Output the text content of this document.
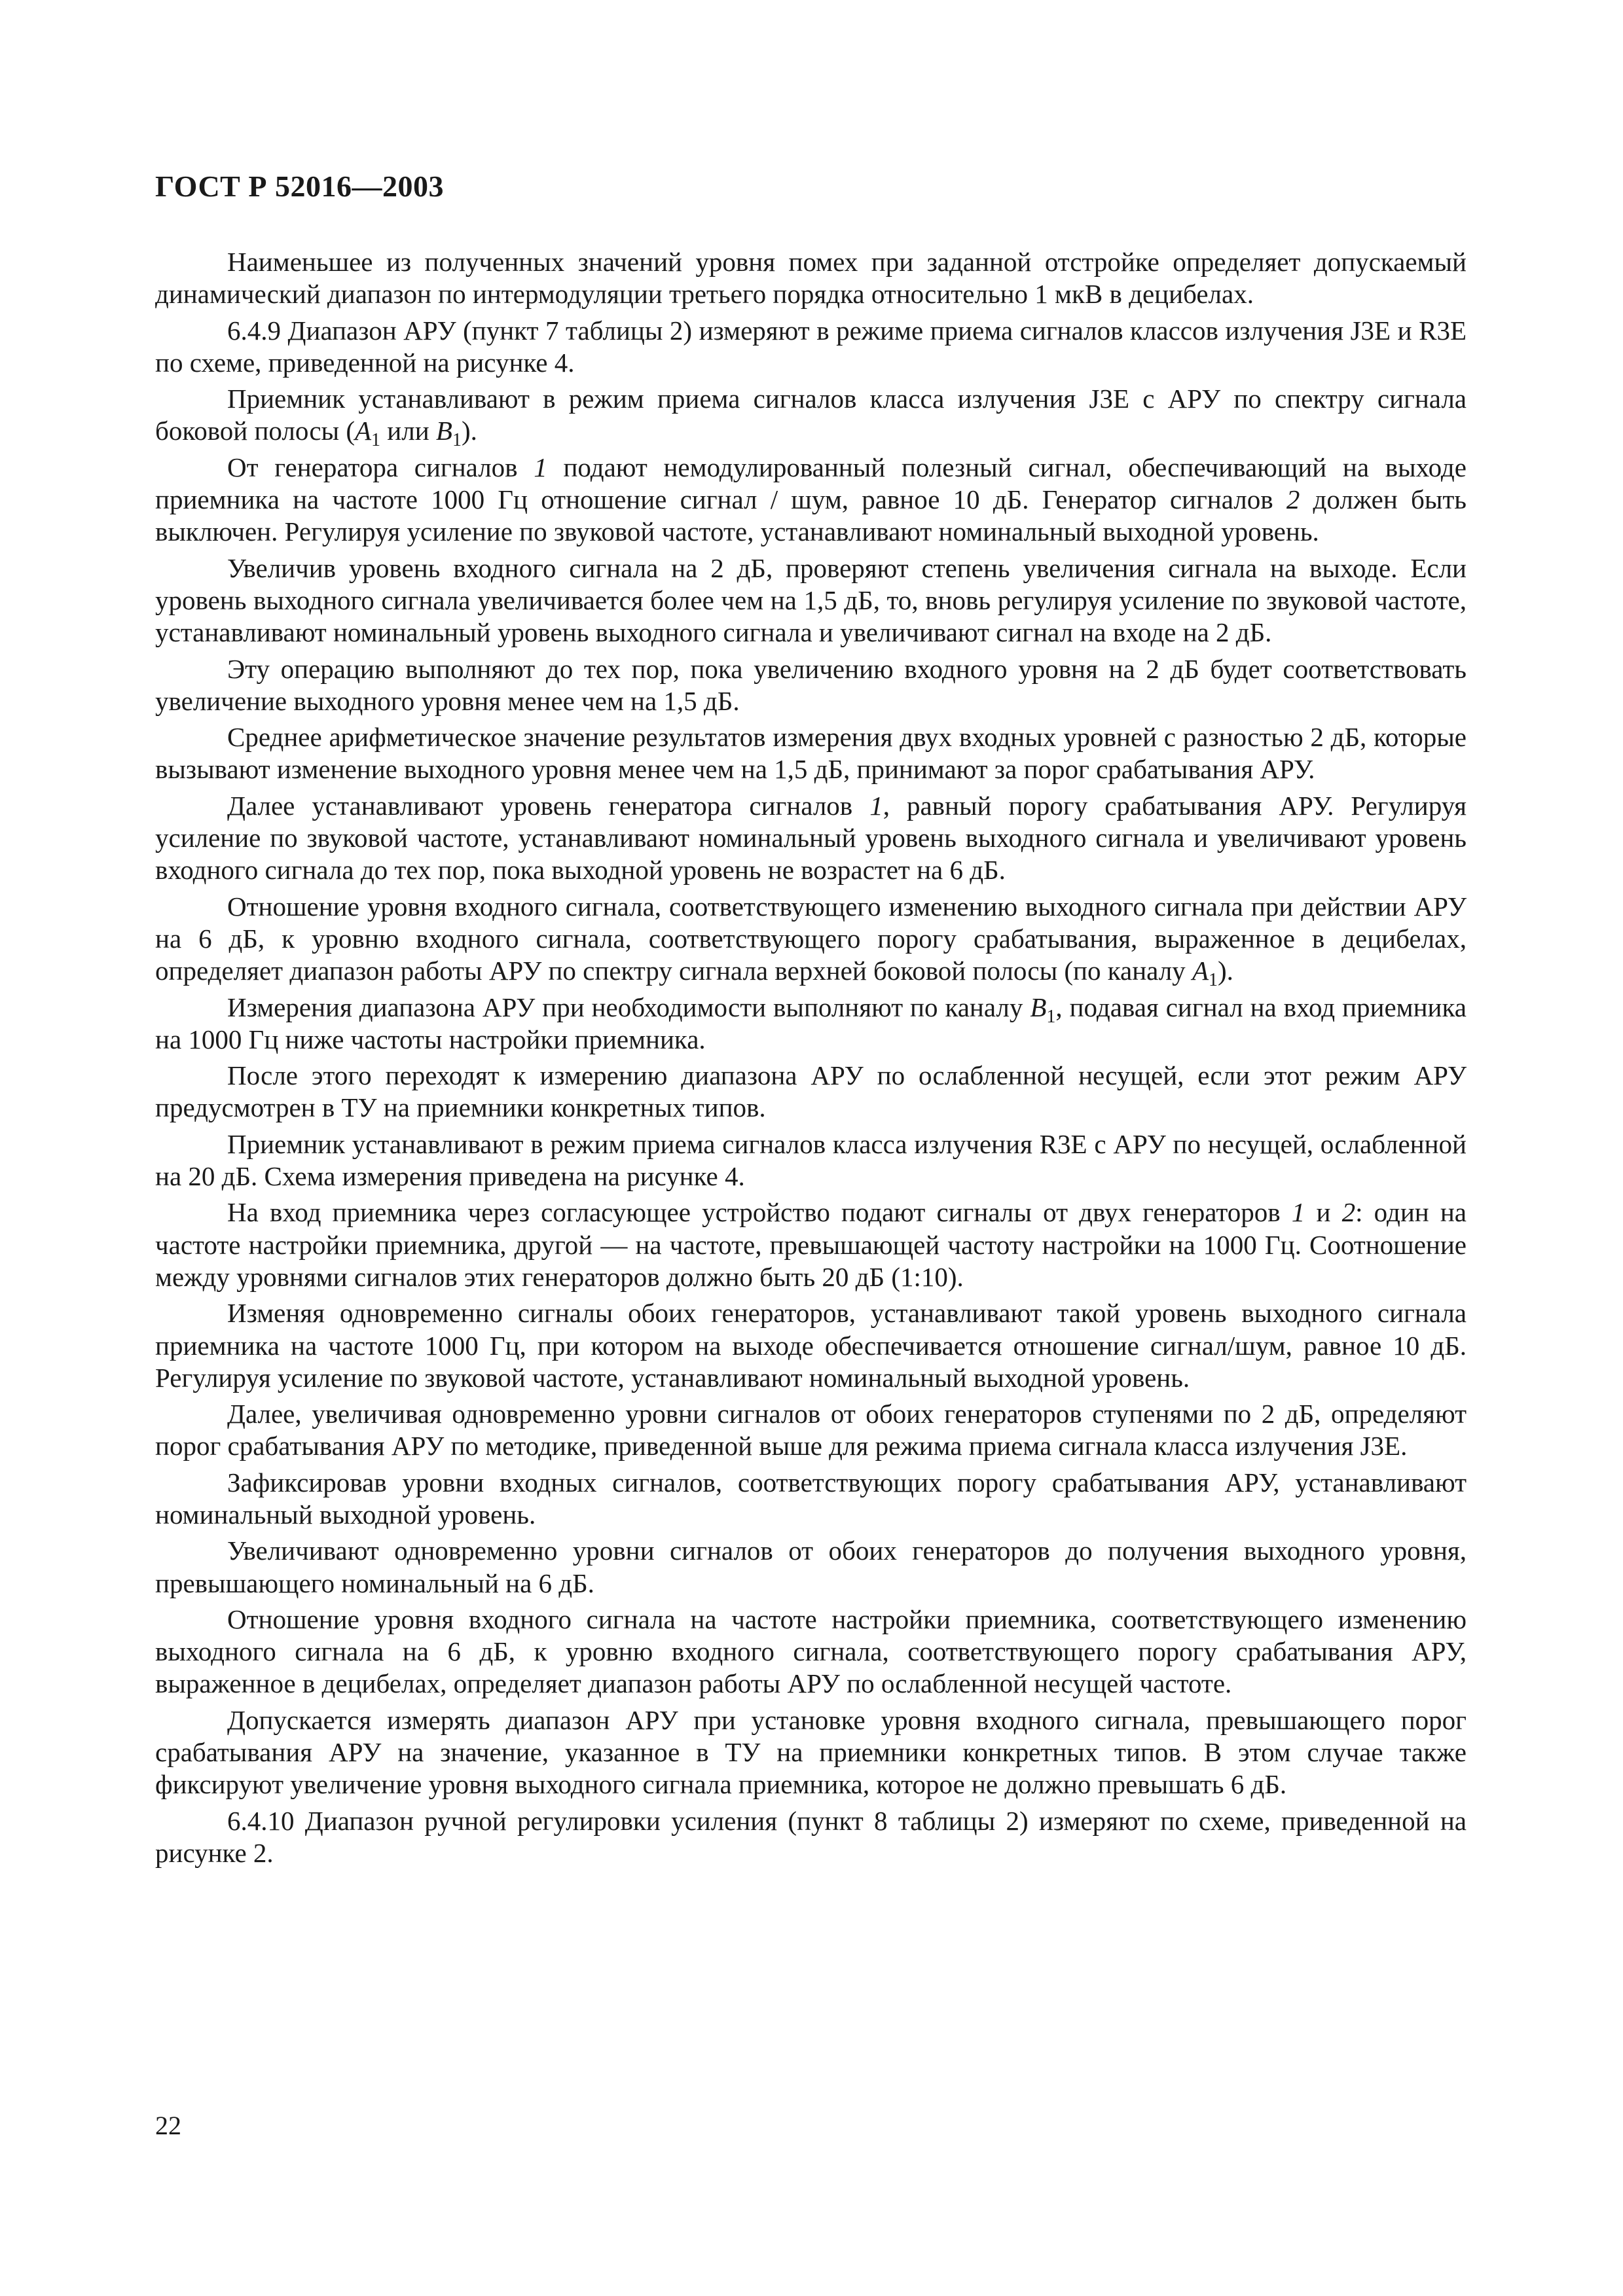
ГОСТ Р 52016—2003

Наименьшее из полученных значений уровня помех при заданной отстройке определяет допускаемый динамический диапазон по интермодуляции третьего порядка относительно 1 мкВ в децибелах.

6.4.9 Диапазон АРУ (пункт 7 таблицы 2) измеряют в режиме приема сигналов классов излучения J3E и R3E по схеме, приведенной на рисунке 4.

Приемник устанавливают в режим приема сигналов класса излучения J3E с АРУ по спектру сигнала боковой полосы ($A_1$ или $B_1$).

От генератора сигналов 1 подают немодулированный полезный сигнал, обеспечивающий на выходе приемника на частоте 1000 Гц отношение сигнал / шум, равное 10 дБ. Генератор сигналов 2 должен быть выключен. Регулируя усиление по звуковой частоте, устанавливают номинальный выходной уровень.

Увеличив уровень входного сигнала на 2 дБ, проверяют степень увеличения сигнала на выходе. Если уровень выходного сигнала увеличивается более чем на 1,5 дБ, то, вновь регулируя усиление по звуковой частоте, устанавливают номинальный уровень выходного сигнала и увеличивают сигнал на входе на 2 дБ.

Эту операцию выполняют до тех пор, пока увеличению входного уровня на 2 дБ будет соответствовать увеличение выходного уровня менее чем на 1,5 дБ.

Среднее арифметическое значение результатов измерения двух входных уровней с разностью 2 дБ, которые вызывают изменение выходного уровня менее чем на 1,5 дБ, принимают за порог срабатывания АРУ.

Далее устанавливают уровень генератора сигналов 1, равный порогу срабатывания АРУ. Регулируя усиление по звуковой частоте, устанавливают номинальный уровень выходного сигнала и увеличивают уровень входного сигнала до тех пор, пока выходной уровень не возрастет на 6 дБ.

Отношение уровня входного сигнала, соответствующего изменению выходного сигнала при действии АРУ на 6 дБ, к уровню входного сигнала, соответствующего порогу срабатывания, выраженное в децибелах, определяет диапазон работы АРУ по спектру сигнала верхней боковой полосы (по каналу $A_1$).

Измерения диапазона АРУ при необходимости выполняют по каналу $B_1$, подавая сигнал на вход приемника на 1000 Гц ниже частоты настройки приемника.

После этого переходят к измерению диапазона АРУ по ослабленной несущей, если этот режим АРУ предусмотрен в ТУ на приемники конкретных типов.

Приемник устанавливают в режим приема сигналов класса излучения R3E с АРУ по несущей, ослабленной на 20 дБ. Схема измерения приведена на рисунке 4.

На вход приемника через согласующее устройство подают сигналы от двух генераторов 1 и 2: один на частоте настройки приемника, другой — на частоте, превышающей частоту настройки на 1000 Гц. Соотношение между уровнями сигналов этих генераторов должно быть 20 дБ (1:10).

Изменяя одновременно сигналы обоих генераторов, устанавливают такой уровень выходного сигнала приемника на частоте 1000 Гц, при котором на выходе обеспечивается отношение сигнал/шум, равное 10 дБ. Регулируя усиление по звуковой частоте, устанавливают номинальный выходной уровень.

Далее, увеличивая одновременно уровни сигналов от обоих генераторов ступенями по 2 дБ, определяют порог срабатывания АРУ по методике, приведенной выше для режима приема сигнала класса излучения J3E.

Зафиксировав уровни входных сигналов, соответствующих порогу срабатывания АРУ, устанавливают номинальный выходной уровень.

Увеличивают одновременно уровни сигналов от обоих генераторов до получения выходного уровня, превышающего номинальный на 6 дБ.

Отношение уровня входного сигнала на частоте настройки приемника, соответствующего изменению выходного сигнала на 6 дБ, к уровню входного сигнала, соответствующего порогу срабатывания АРУ, выраженное в децибелах, определяет диапазон работы АРУ по ослабленной несущей частоте.

Допускается измерять диапазон АРУ при установке уровня входного сигнала, превышающего порог срабатывания АРУ на значение, указанное в ТУ на приемники конкретных типов. В этом случае также фиксируют увеличение уровня выходного сигнала приемника, которое не должно превышать 6 дБ.

6.4.10 Диапазон ручной регулировки усиления (пункт 8 таблицы 2) измеряют по схеме, приведенной на рисунке 2.

22
